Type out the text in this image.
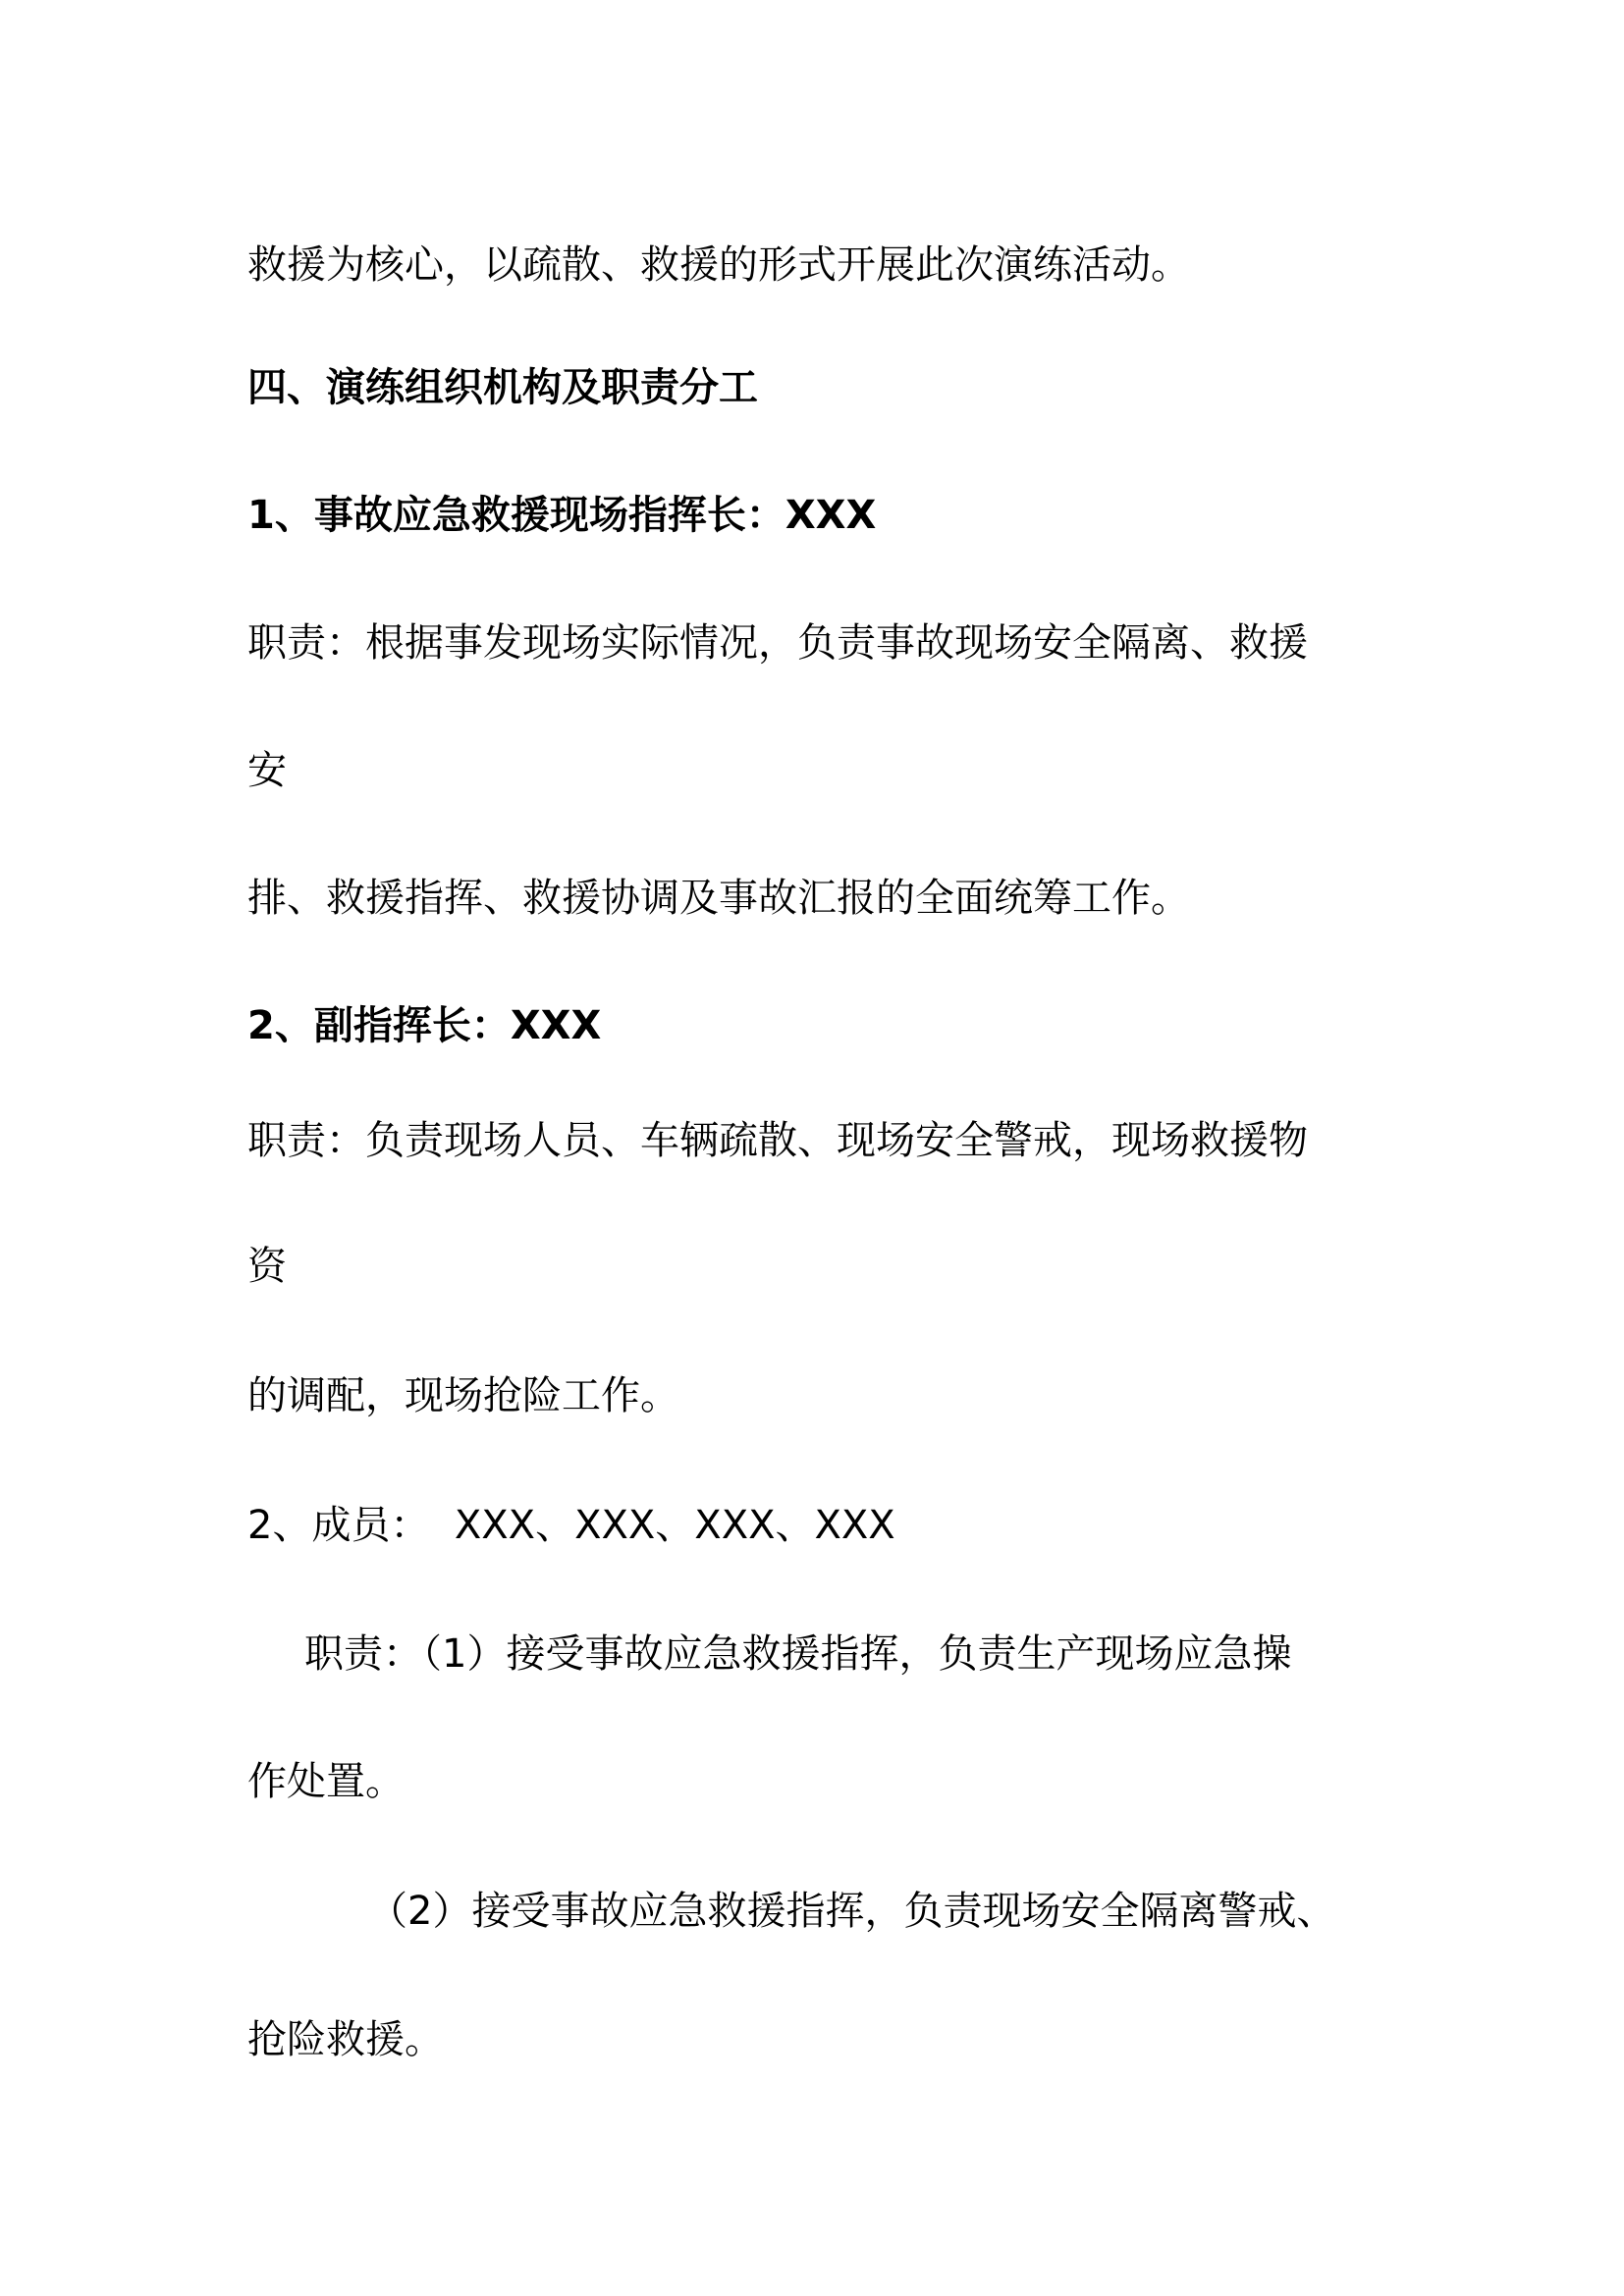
救援为核心，以疏散、救援的形式开展此次演练活动。
四、演练组织机构及职责分工
1、事故应急救援现场指挥长：XXX
职责：根据事发现场实际情况，负责事故现场安全隔离、救援
安
排、救援指挥、救援协调及事故汇报的全面统筹工作。
2、副指挥长：XXX
职责：负责现场人员、车辆疏散、现场安全警戒，现场救援物
资
的调配，现场抢险工作。
2、成员：  XXX、XXX、XXX、XXX
职责：（1）接受事故应急救援指挥，负责生产现场应急操
作处置。
（2）接受事故应急救援指挥，负责现场安全隔离警戒、
抢险救援。
